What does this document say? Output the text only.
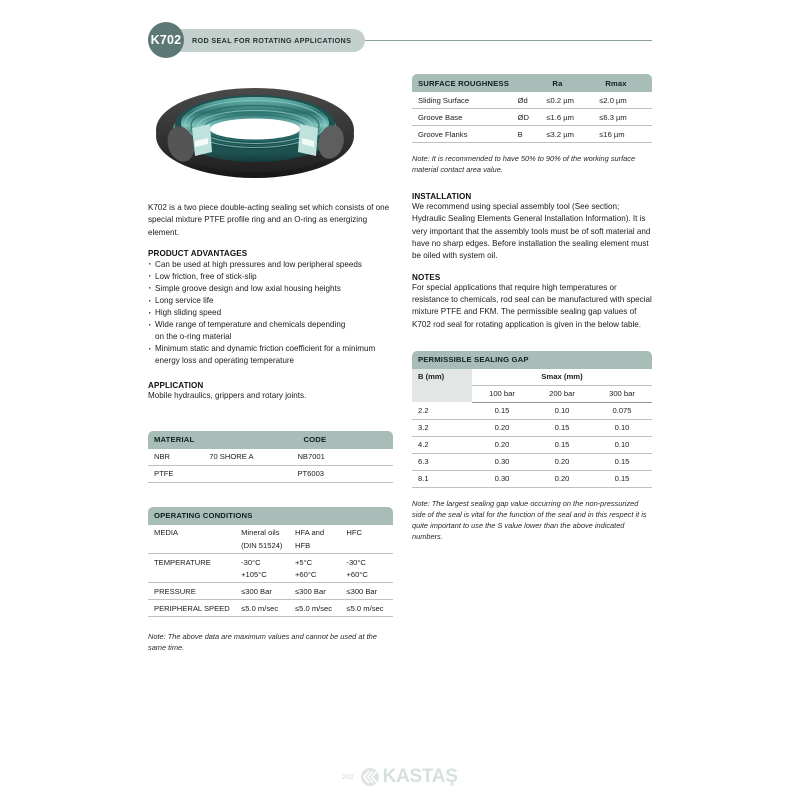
ROD SEAL FOR ROTATING APPLICATIONS
K702

K702 is a two piece double-acting sealing set which consists of one special mixture PTFE profile ring and an O-ring as energizing element.

PRODUCT ADVANTAGES

· Can be used at high pressures and low peripheral speeds
· Low friction, free of stick-slip
· Simple groove design and low axial housing heights
· Long service life
· High sliding speed
· Wide range of temperature and chemicals depending
on the o-ring material
· Minimum static and dynamic friction coefficient for a minimum
energy loss and operating temperature

APPLICATION

Mobile hydraulics, grippers and rotary joints.

MATERIAL		CODE
NBR	70 SHORE A	NB7001
PTFE		PT6003
OPERATING CONDITIONS			
MEDIA	Mineral oils	HFA and	HFC
	(DIN 51524)	HFB	
TEMPERATURE	-30°C	+5°C	-30°C
	+105°C	+60°C	+60°C
PRESSURE	≤300 Bar	≤300 Bar	≤300 Bar
PERIPHERAL SPEED	≤5.0 m/sec	≤5.0 m/sec	≤5.0 m/sec

Note: The above data are maximum values and cannot be used at the same time.

SURFACE ROUGHNESS		Ra	Rmax
Sliding Surface	Ød	≤0.2 µm	≤2.0 µm
Groove Base	ØD	≤1.6 µm	≤6.3 µm
Groove Flanks	B	≤3.2 µm	≤16 µm

Note: It is recommended to have 50% to 90% of the working surface material contact area value.

INSTALLATION

We recommend using special assembly tool (See section; Hydraulic Sealing Elements General Installation Information). It is very important that the assembly tools must be of soft material and have no sharp edges. Before installation the sealing element must be oiled with system oil.

NOTES

For special applications that require high temperatures or resistance to chemicals, rod seal can be manufactured with special mixture PTFE and FKM. The permissible sealing gap values of K702 rod seal for rotating application is given in the below table.

PERMISSIBLE SEALING GAP			
B (mm)	Smax (mm)		
	100 bar	200 bar	300 bar
2.2	0.15	0.10	0.075
3.2	0.20	0.15	0.10
4.2	0.20	0.15	0.10
6.3	0.30	0.20	0.15
8.1	0.30	0.20	0.15

Note: The largest sealing gap value occurring on the non-pressurized side of the seal is vital for the function of the seal and in this respect it is quite important to use the S value lower than the above indicated numbers.

202 KASTAŞ
